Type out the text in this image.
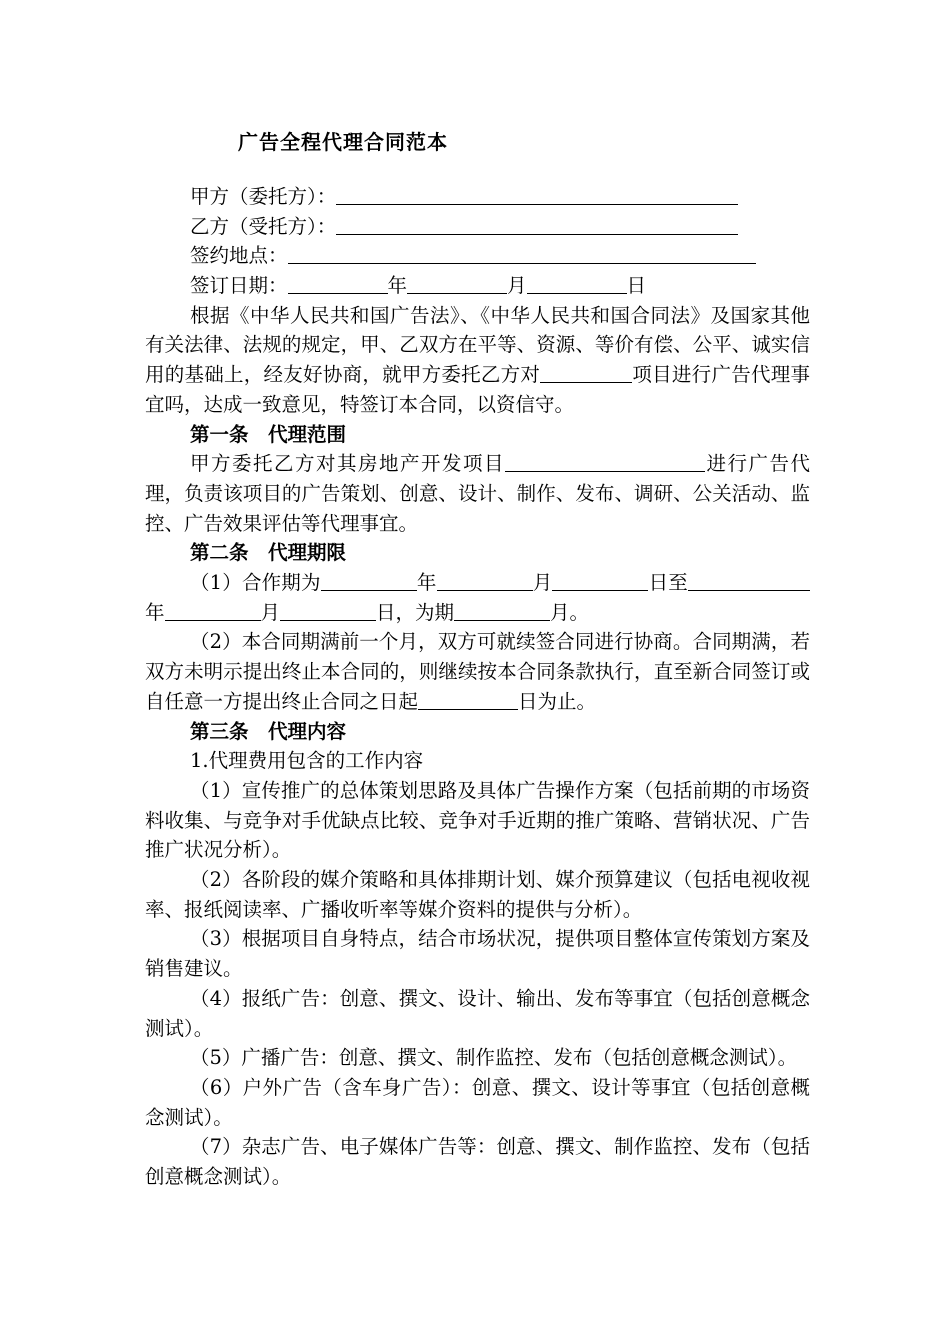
广告全程代理合同范本
甲方（委托方）：
乙方（受托方）：
签约地点：
签订日期：	年	月	日

根据《中华人民共和国广告法》、《中华人民共和国合同法》及国家其他有关法律、法规的规定，甲、乙双方在平等、资源、等价有偿、公平、诚实信用的基础上，经友好协商，就甲方委托乙方对	项目进行广告代理事宜吗，达成一致意见，特签订本合同，以资信守。

第一条　代理范围

甲方委托乙方对其房地产开发项目	进行广告代理，负责该项目的广告策划、创意、设计、制作、发布、调研、公关活动、监控、广告效果评估等代理事宜。

第二条　代理期限

（1）合作期为	年	月	日至年	月	日，为期	月。

（2）本合同期满前一个月，双方可就续签合同进行协商。合同期满，若双方未明示提出终止本合同的，则继续按本合同条款执行，直至新合同签订或自任意一方提出终止合同之日起	日为止。

第三条　代理内容
1.代理费用包含的工作内容

（1）宣传推广的总体策划思路及具体广告操作方案（包括前期的市场资料收集、与竞争对手优缺点比较、竞争对手近期的推广策略、营销状况、广告推广状况分析）。

（2）各阶段的媒介策略和具体排期计划、媒介预算建议（包括电视收视率、报纸阅读率、广播收听率等媒介资料的提供与分析）。

（3）根据项目自身特点，结合市场状况，提供项目整体宣传策划方案及销售建议。

（4）报纸广告：创意、撰文、设计、输出、发布等事宜（包括创意概念测试）。

（5）广播广告：创意、撰文、制作监控、发布（包括创意概念测试）。

（6）户外广告（含车身广告）：创意、撰文、设计等事宜（包括创意概念测试）。

（7）杂志广告、电子媒体广告等：创意、撰文、制作监控、发布（包括创意概念测试）。
